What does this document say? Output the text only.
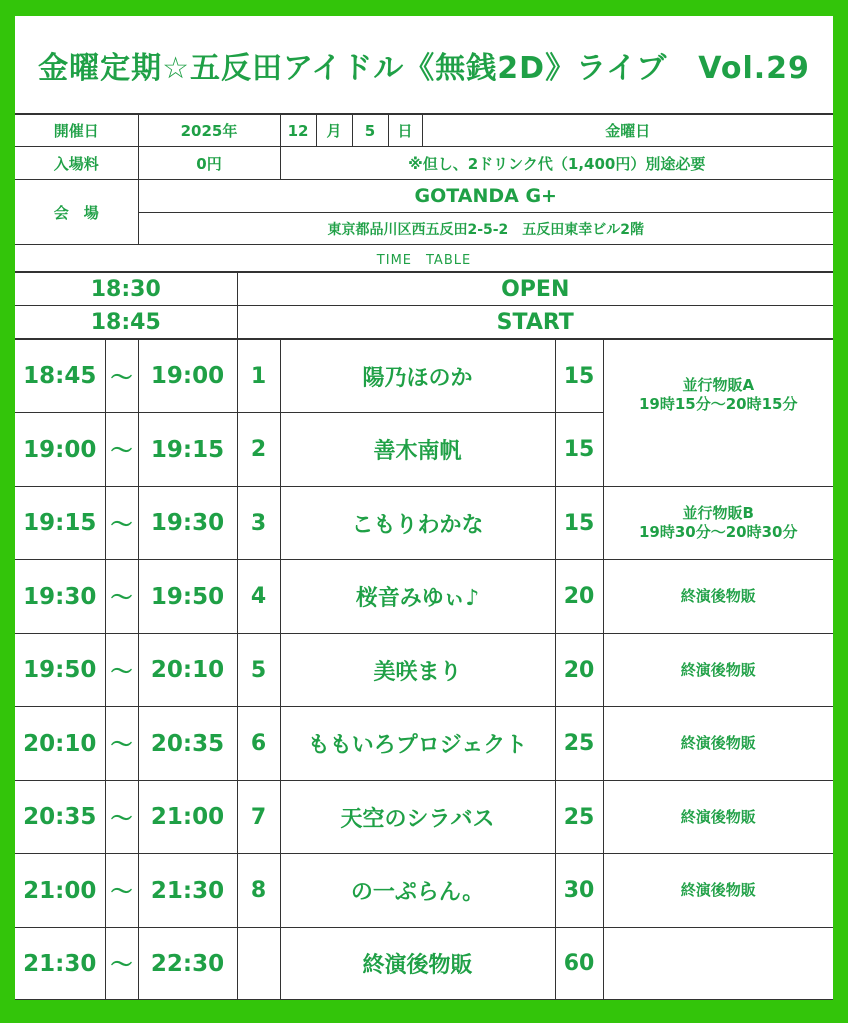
金曜定期☆五反田アイドル《無銭2D》ライブ　Vol.29
開催日	2025年	12	月	5	日	金曜日
入場料	0円	※但し、2ドリンク代（1,400円）別途必要				
会　場	GOTANDA G+					
	東京都品川区西五反田2-5-2　五反田東幸ビル2階					
TIME　TABLE						
18:30	OPEN
18:45	START
18:45	～	19:00	1	陽乃ほのか	15	並行物販A
19時15分～20時15分

19:00	～	19:15	2	善木南帆	15	
19:15	～	19:30	3	こもりわかな	15	並行物販B
19時30分～20時30分

19:30	～	19:50	4	桜音みゆぃ♪	20	終演後物販
19:50	～	20:10	5	美咲まり	20	終演後物販
20:10	～	20:35	6	ももいろプロジェクト	25	終演後物販
20:35	～	21:00	7	天空のシラバス	25	終演後物販
21:00	～	21:30	8	の一ぷらん。	30	終演後物販
21:30	～	22:30		終演後物販	60	
